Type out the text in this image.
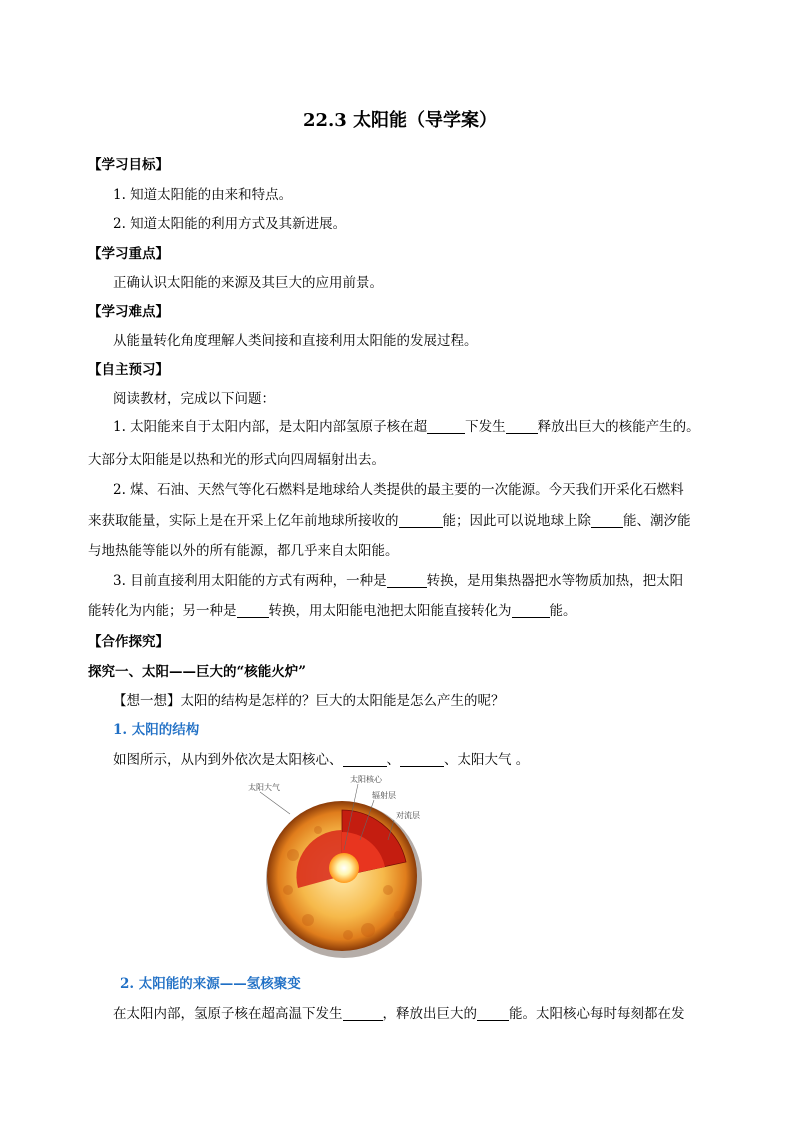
22.3 太阳能（导学案）
【学习目标】
1. 知道太阳能的由来和特点。
2. 知道太阳能的利用方式及其新进展。
【学习重点】
正确认识太阳能的来源及其巨大的应用前景。
【学习难点】
从能量转化角度理解人类间接和直接利用太阳能的发展过程。
【自主预习】
阅读教材，完成以下问题：
1. 太阳能来自于太阳内部，是太阳内部氢原子核在超	下发生 释放出巨大的核能产生的。
大部分太阳能是以热和光的形式向四周辐射出去。
2. 煤、石油、天然气等化石燃料是地球给人类提供的最主要的一次能源。今天我们开采化石燃料
来获取能量，实际上是在开采上亿年前地球所接收的	能；因此可以说地球上除 能、潮汐能
与地热能等能以外的所有能源，都几乎来自太阳能。
3. 目前直接利用太阳能的方式有两种，一种是	转换，是用集热器把水等物质加热，把太阳
能转化为内能；另一种是 转换，用太阳能电池把太阳能直接转化为	能。
【合作探究】
探究一、太阳——巨大的“核能火炉”
【想一想】太阳的结构是怎样的？巨大的太阳能是怎么产生的呢？
1. 太阳的结构
如图所示，从内到外依次是太阳核心、	、	、太阳大气 。
太阳大气
太阳核心
辐射层
对流层
2. 太阳能的来源——氢核聚变
在太阳内部，氢原子核在超高温下发生	，释放出巨大的 能。太阳核心每时每刻都在发
